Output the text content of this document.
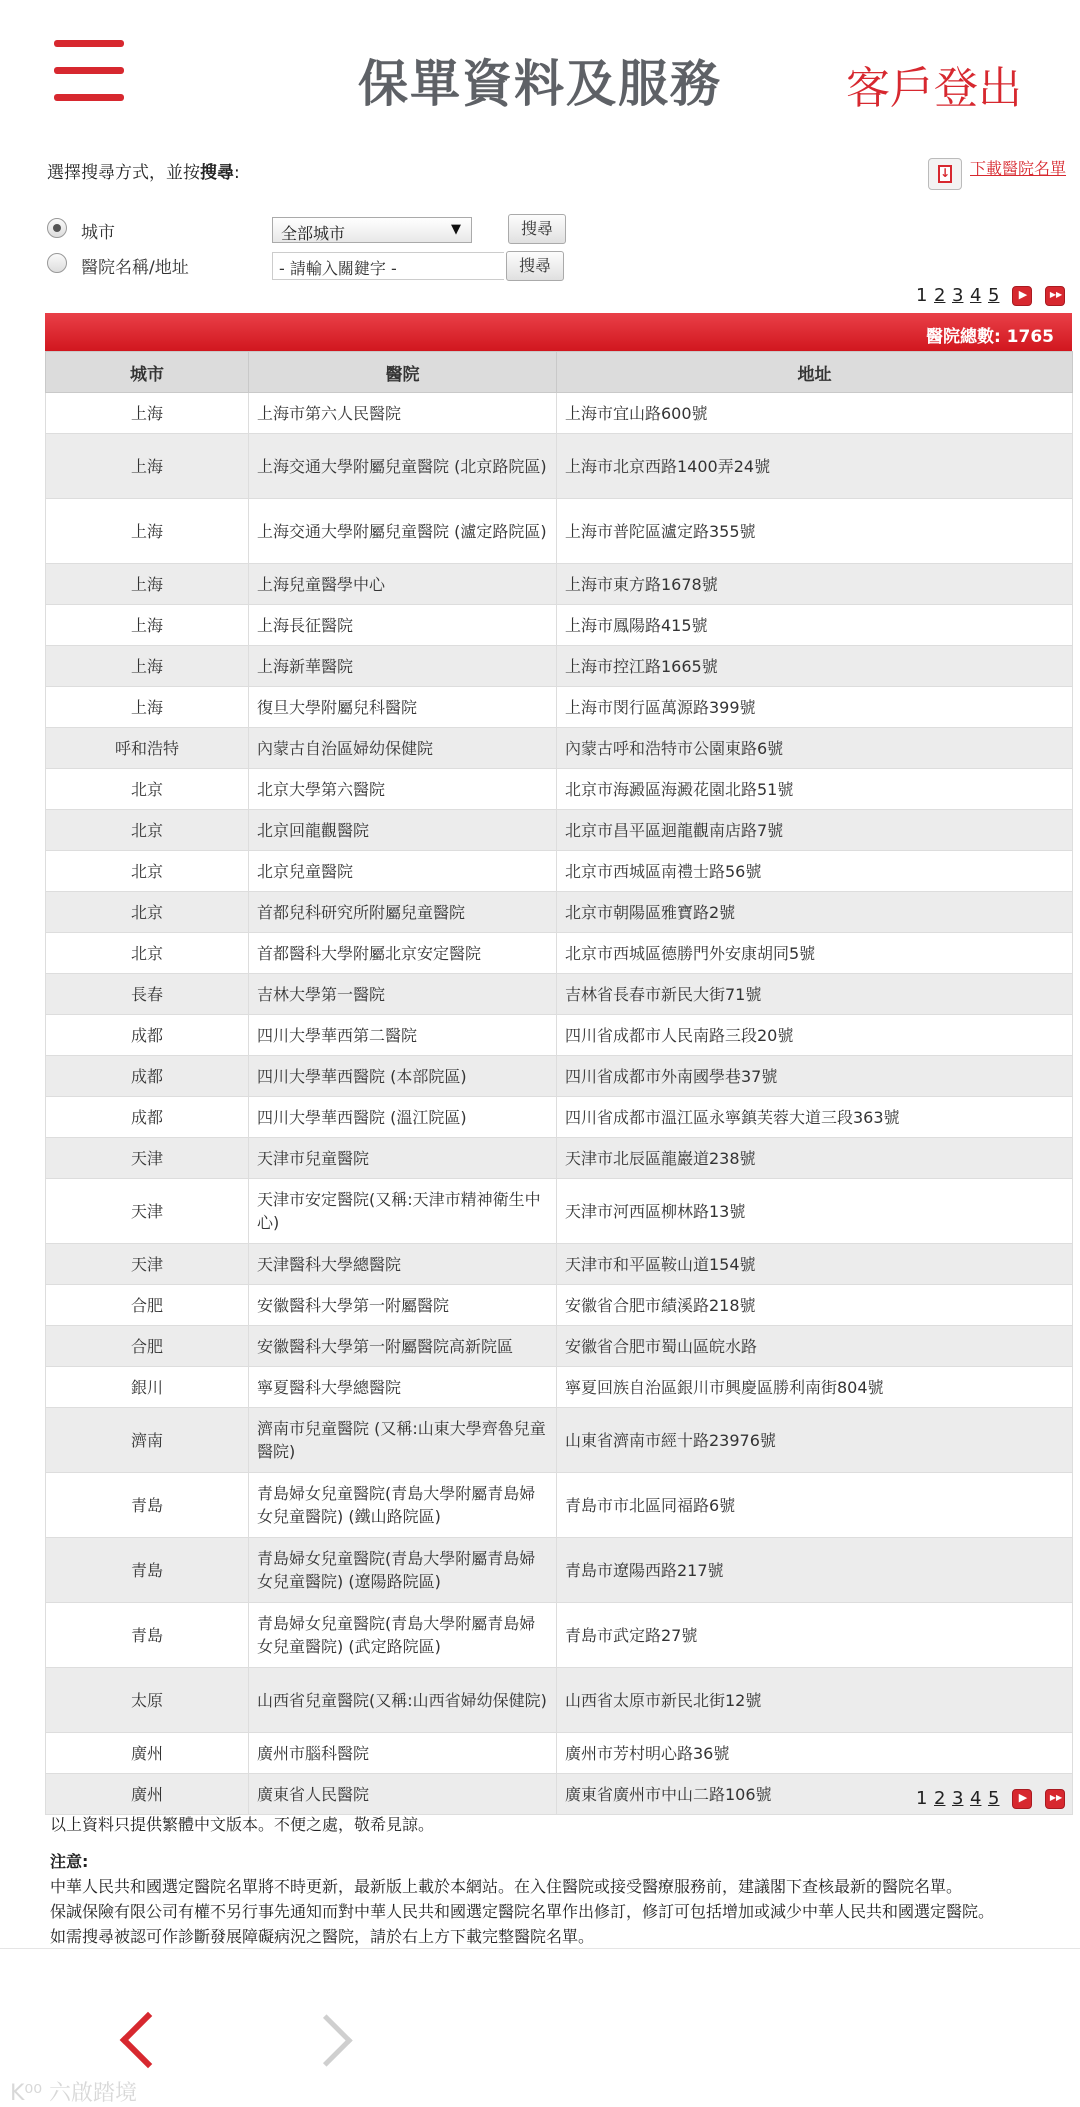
保單資料及服務	客戶登出
選擇搜尋方式，並按搜尋: ↓	下載醫院名單
城市
醫院名稱/地址
全部城市	▼	搜尋
- 請輸入關鍵字 -	搜尋
1 2 3 4 5
▶
▶▶
醫院總數: 1765
城市	醫院	地址
上海	上海市第六人民醫院	上海市宜山路600號
上海	上海交通大學附屬兒童醫院 (北京路院區)	上海市北京西路1400弄24號
上海	上海交通大學附屬兒童醫院 (瀘定路院區)	上海市普陀區瀘定路355號
上海	上海兒童醫學中心	上海市東方路1678號
上海	上海長征醫院	上海市鳳陽路415號
上海	上海新華醫院	上海市控江路1665號
上海	復旦大學附屬兒科醫院	上海市閔行區萬源路399號
呼和浩特	內蒙古自治區婦幼保健院	內蒙古呼和浩特市公園東路6號
北京	北京大學第六醫院	北京市海澱區海澱花園北路51號
北京	北京回龍觀醫院	北京市昌平區迴龍觀南店路7號
北京	北京兒童醫院	北京市西城區南禮士路56號
北京	首都兒科研究所附屬兒童醫院	北京市朝陽區雅寶路2號
北京	首都醫科大學附屬北京安定醫院	北京市西城區德勝門外安康胡同5號
長春	吉林大學第一醫院	吉林省長春市新民大街71號
成都	四川大學華西第二醫院	四川省成都市人民南路三段20號
成都	四川大學華西醫院 (本部院區)	四川省成都市外南國學巷37號
成都	四川大學華西醫院 (溫江院區)	四川省成都市溫江區永寧鎮芙蓉大道三段363號
天津	天津市兒童醫院	天津市北辰區龍巖道238號
天津	天津市安定醫院(又稱:天津市精神衛生中心)	天津市河西區柳林路13號
天津	天津醫科大學總醫院	天津市和平區鞍山道154號
合肥	安徽醫科大學第一附屬醫院	安徽省合肥市績溪路218號
合肥	安徽醫科大學第一附屬醫院高新院區	安徽省合肥市蜀山區皖水路
銀川	寧夏醫科大學總醫院	寧夏回族自治區銀川市興慶區勝利南街804號
濟南	濟南市兒童醫院 (又稱:山東大學齊魯兒童醫院)	山東省濟南市經十路23976號
青島	青島婦女兒童醫院(青島大學附屬青島婦女兒童醫院) (鐵山路院區)	青島市市北區同福路6號
青島	青島婦女兒童醫院(青島大學附屬青島婦女兒童醫院) (遼陽路院區)	青島市遼陽西路217號
青島	青島婦女兒童醫院(青島大學附屬青島婦女兒童醫院) (武定路院區)	青島市武定路27號
太原	山西省兒童醫院(又稱:山西省婦幼保健院)	山西省太原市新民北街12號
廣州	廣州市腦科醫院	廣州市芳村明心路36號
廣州	廣東省人民醫院	廣東省廣州市中山二路106號	1 2 3 4 5
▶
▶▶

以上資料只提供繁體中文版本。不便之處，敬希見諒。

注意:

中華人民共和國選定醫院名單將不時更新，最新版上載於本網站。在入住醫院或接受醫療服務前，建議閣下查核最新的醫院名單。

保誠保險有限公司有權不另行事先通知而對中華人民共和國選定醫院名單作出修訂，修訂可包括增加或減少中華人民共和國選定醫院。

如需搜尋被認可作診斷發展障礙病況之醫院，請於右上方下載完整醫院名單。

K⁰⁰ 六啟踏境
